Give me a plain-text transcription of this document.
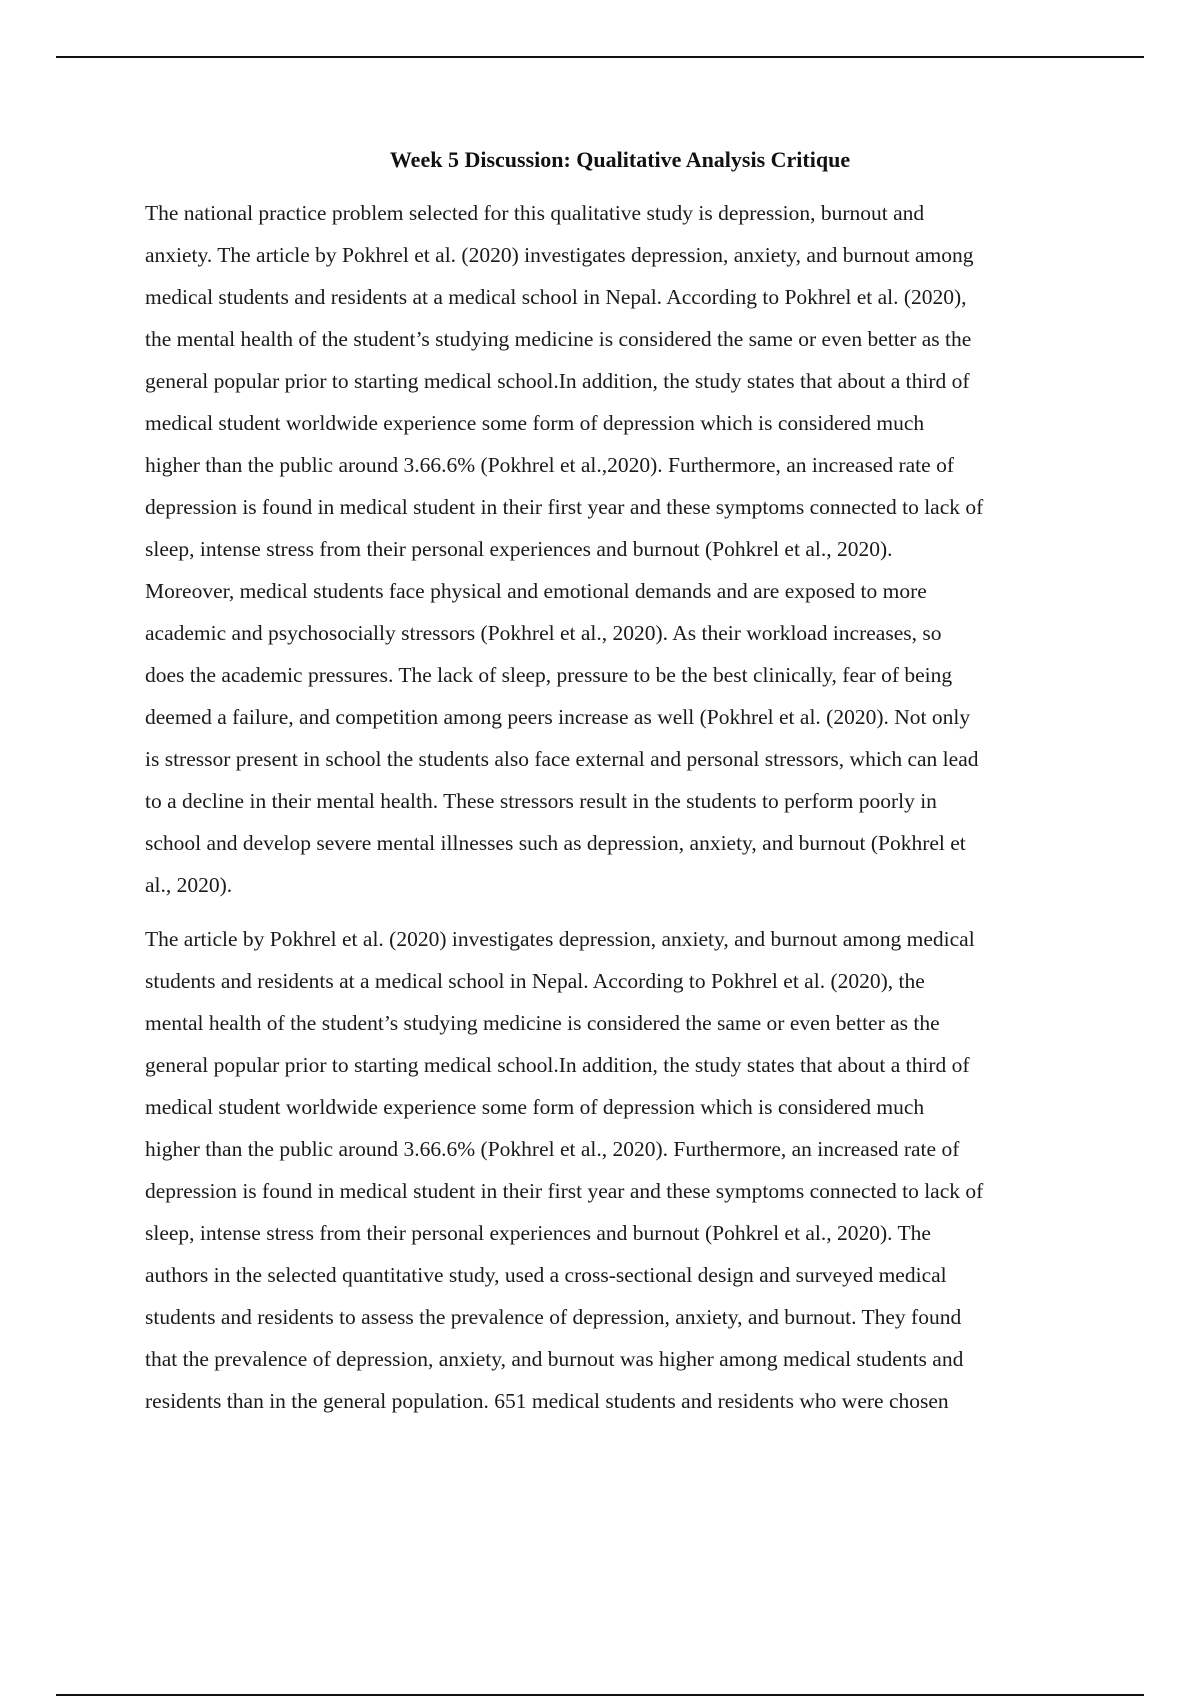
Week 5 Discussion: Qualitative Analysis Critique

The national practice problem selected for this qualitative study is depression, burnout and
anxiety. The article by Pokhrel et al. (2020) investigates depression, anxiety, and burnout among
medical students and residents at a medical school in Nepal. According to Pokhrel et al. (2020),
the mental health of the student’s studying medicine is considered the same or even better as the
general popular prior to starting medical school.In addition, the study states that about a third of
medical student worldwide experience some form of depression which is considered much
higher than the public around 3.66.6% (Pokhrel et al.,2020). Furthermore, an increased rate of
depression is found in medical student in their first year and these symptoms connected to lack of
sleep, intense stress from their personal experiences and burnout (Pohkrel et al., 2020).
Moreover, medical students face physical and emotional demands and are exposed to more
academic and psychosocially stressors (Pokhrel et al., 2020). As their workload increases, so
does the academic pressures. The lack of sleep, pressure to be the best clinically, fear of being
deemed a failure, and competition among peers increase as well (Pokhrel et al. (2020). Not only
is stressor present in school the students also face external and personal stressors, which can lead
to a decline in their mental health. These stressors result in the students to perform poorly in
school and develop severe mental illnesses such as depression, anxiety, and burnout (Pokhrel et
al., 2020).

The article by Pokhrel et al. (2020) investigates depression, anxiety, and burnout among medical
students and residents at a medical school in Nepal. According to Pokhrel et al. (2020), the
mental health of the student’s studying medicine is considered the same or even better as the
general popular prior to starting medical school.In addition, the study states that about a third of
medical student worldwide experience some form of depression which is considered much
higher than the public around 3.66.6% (Pokhrel et al., 2020). Furthermore, an increased rate of
depression is found in medical student in their first year and these symptoms connected to lack of
sleep, intense stress from their personal experiences and burnout (Pohkrel et al., 2020). The
authors in the selected quantitative study, used a cross-sectional design and surveyed medical
students and residents to assess the prevalence of depression, anxiety, and burnout. They found
that the prevalence of depression, anxiety, and burnout was higher among medical students and
residents than in the general population. 651 medical students and residents who were chosen
